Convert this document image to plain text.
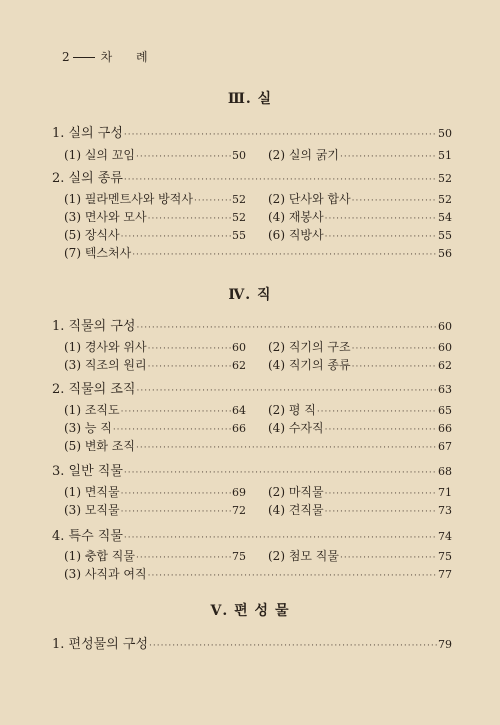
2	차 례
Ⅲ. 실
1. 실의 구성 ·····	50
(1) 실의 꼬임 ·····	50 (2) 실의 굵기 ·····	51
2. 실의 종류 ·····	52
(1) 필라멘트사와 방적사 ·····	52 (2) 단사와 합사 ·····	52
(3) 면사와 모사 ·····	52 (4) 재봉사 ·····	54
(5) 장식사 ·····	55 (6) 직방사 ·····	55
(7) 텍스처사 ·····	56
Ⅳ. 직
1. 직물의 구성 ·····	60
(1) 경사와 위사 ·····	60 (2) 직기의 구조 ·····	60
(3) 직조의 원리 ·····	62 (4) 직기의 종류 ·····	62
2. 직물의 조직 ·····	63
(1) 조직도 ·····	64 (2) 평 직 ·····	65
(3) 능 직 ·····	66 (4) 수자직 ·····	66
(5) 변화 조직 ·····	67
3. 일반 직물 ·····	68
(1) 면직물 ·····	69 (2) 마직물 ·····	71
(3) 모직물 ·····	72 (4) 견직물 ·····	73
4. 특수 직물 ·····	74
(1) 충합 직물 ·····	75 (2) 첨모 직물 ·····	75
(3) 사직과 여직 ·····	77
Ⅴ. 편 성 물
1. 편성물의 구성 ·····	79
